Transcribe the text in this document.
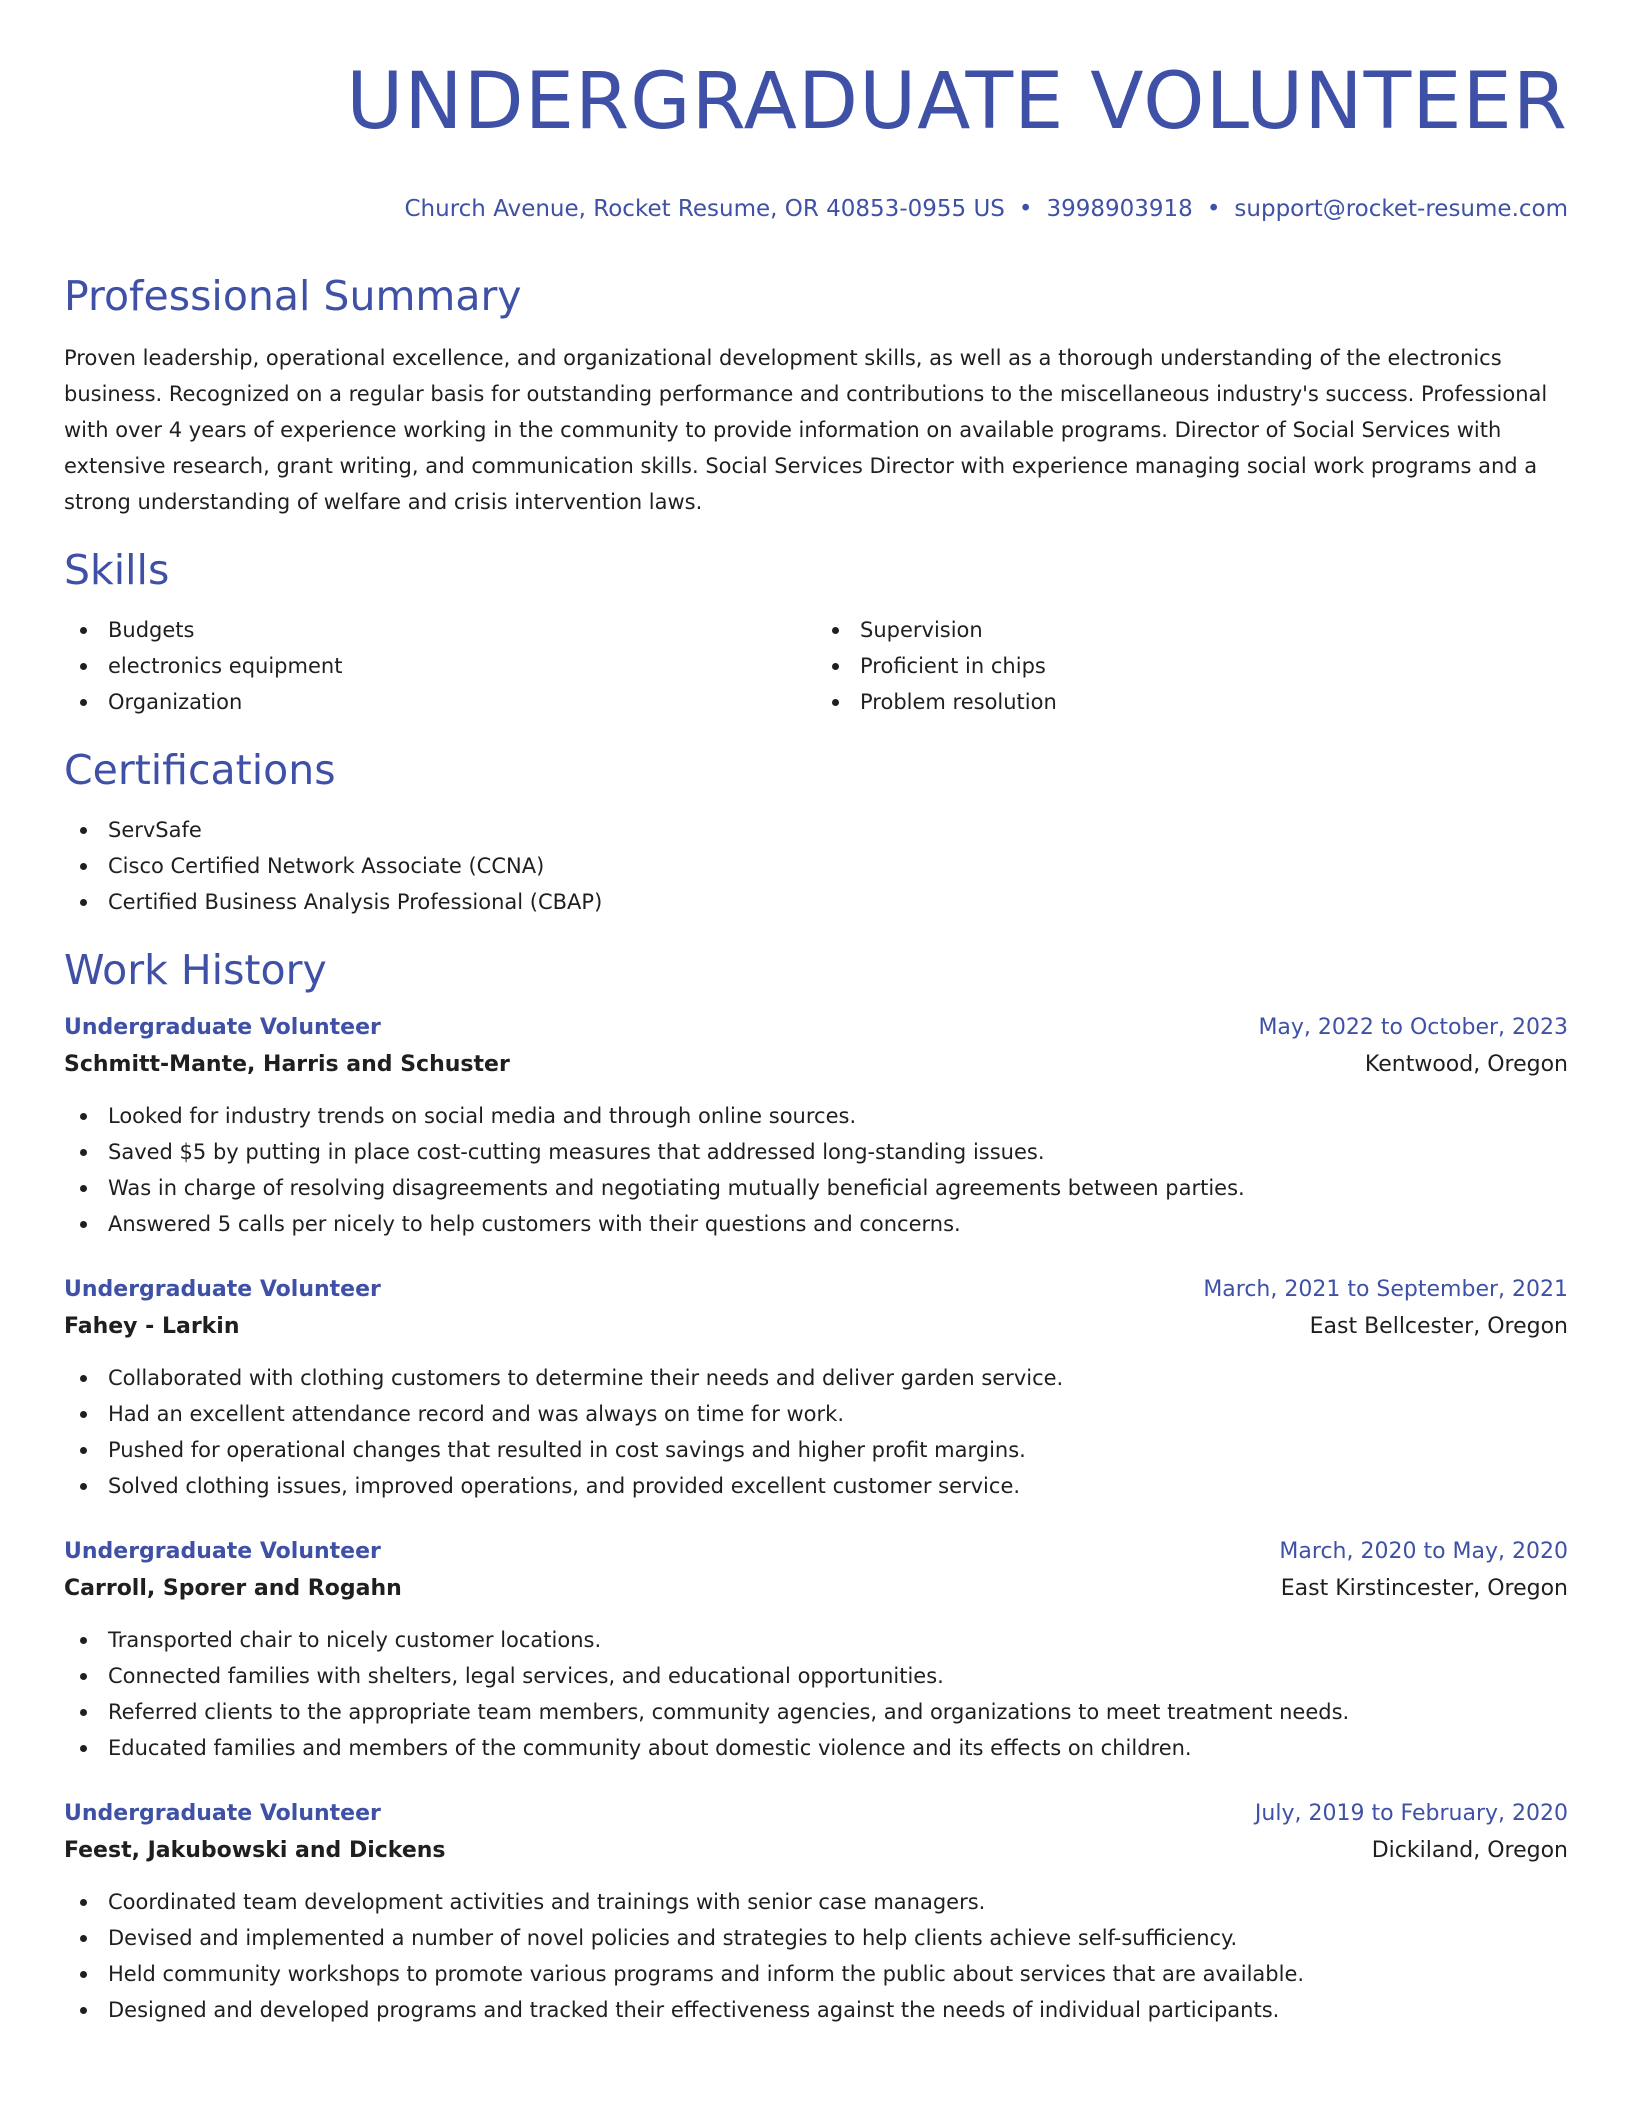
UNDERGRADUATE VOLUNTEER
Church Avenue, Rocket Resume, OR 40853-0955 US • 3998903918 • support@rocket-resume.com
Professional Summary

Proven leadership, operational excellence, and organizational development skills, as well as a thorough understanding of the electronics business. Recognized on a regular basis for outstanding performance and contributions to the miscellaneous industry's success. Professional with over 4 years of experience working in the community to provide information on available programs. Director of Social Services with extensive research, grant writing, and communication skills. Social Services Director with experience managing social work programs and a strong understanding of welfare and crisis intervention laws.

Skills
Budgets
electronics equipment
Organization
Supervision
Proficient in chips
Problem resolution
Certifications
ServSafe
Cisco Certified Network Associate (CCNA)
Certified Business Analysis Professional (CBAP)
Work History
Undergraduate Volunteer	May, 2022 to October, 2023
Schmitt-Mante, Harris and Schuster	Kentwood, Oregon
Looked for industry trends on social media and through online sources.
Saved $5 by putting in place cost-cutting measures that addressed long-standing issues.
Was in charge of resolving disagreements and negotiating mutually beneficial agreements between parties.
Answered 5 calls per nicely to help customers with their questions and concerns.
Undergraduate Volunteer	March, 2021 to September, 2021
Fahey - Larkin	East Bellcester, Oregon
Collaborated with clothing customers to determine their needs and deliver garden service.
Had an excellent attendance record and was always on time for work.
Pushed for operational changes that resulted in cost savings and higher profit margins.
Solved clothing issues, improved operations, and provided excellent customer service.
Undergraduate Volunteer	March, 2020 to May, 2020
Carroll, Sporer and Rogahn	East Kirstincester, Oregon
Transported chair to nicely customer locations.
Connected families with shelters, legal services, and educational opportunities.
Referred clients to the appropriate team members, community agencies, and organizations to meet treatment needs.
Educated families and members of the community about domestic violence and its effects on children.
Undergraduate Volunteer	July, 2019 to February, 2020
Feest, Jakubowski and Dickens	Dickiland, Oregon
Coordinated team development activities and trainings with senior case managers.
Devised and implemented a number of novel policies and strategies to help clients achieve self-sufficiency.
Held community workshops to promote various programs and inform the public about services that are available.
Designed and developed programs and tracked their effectiveness against the needs of individual participants.
